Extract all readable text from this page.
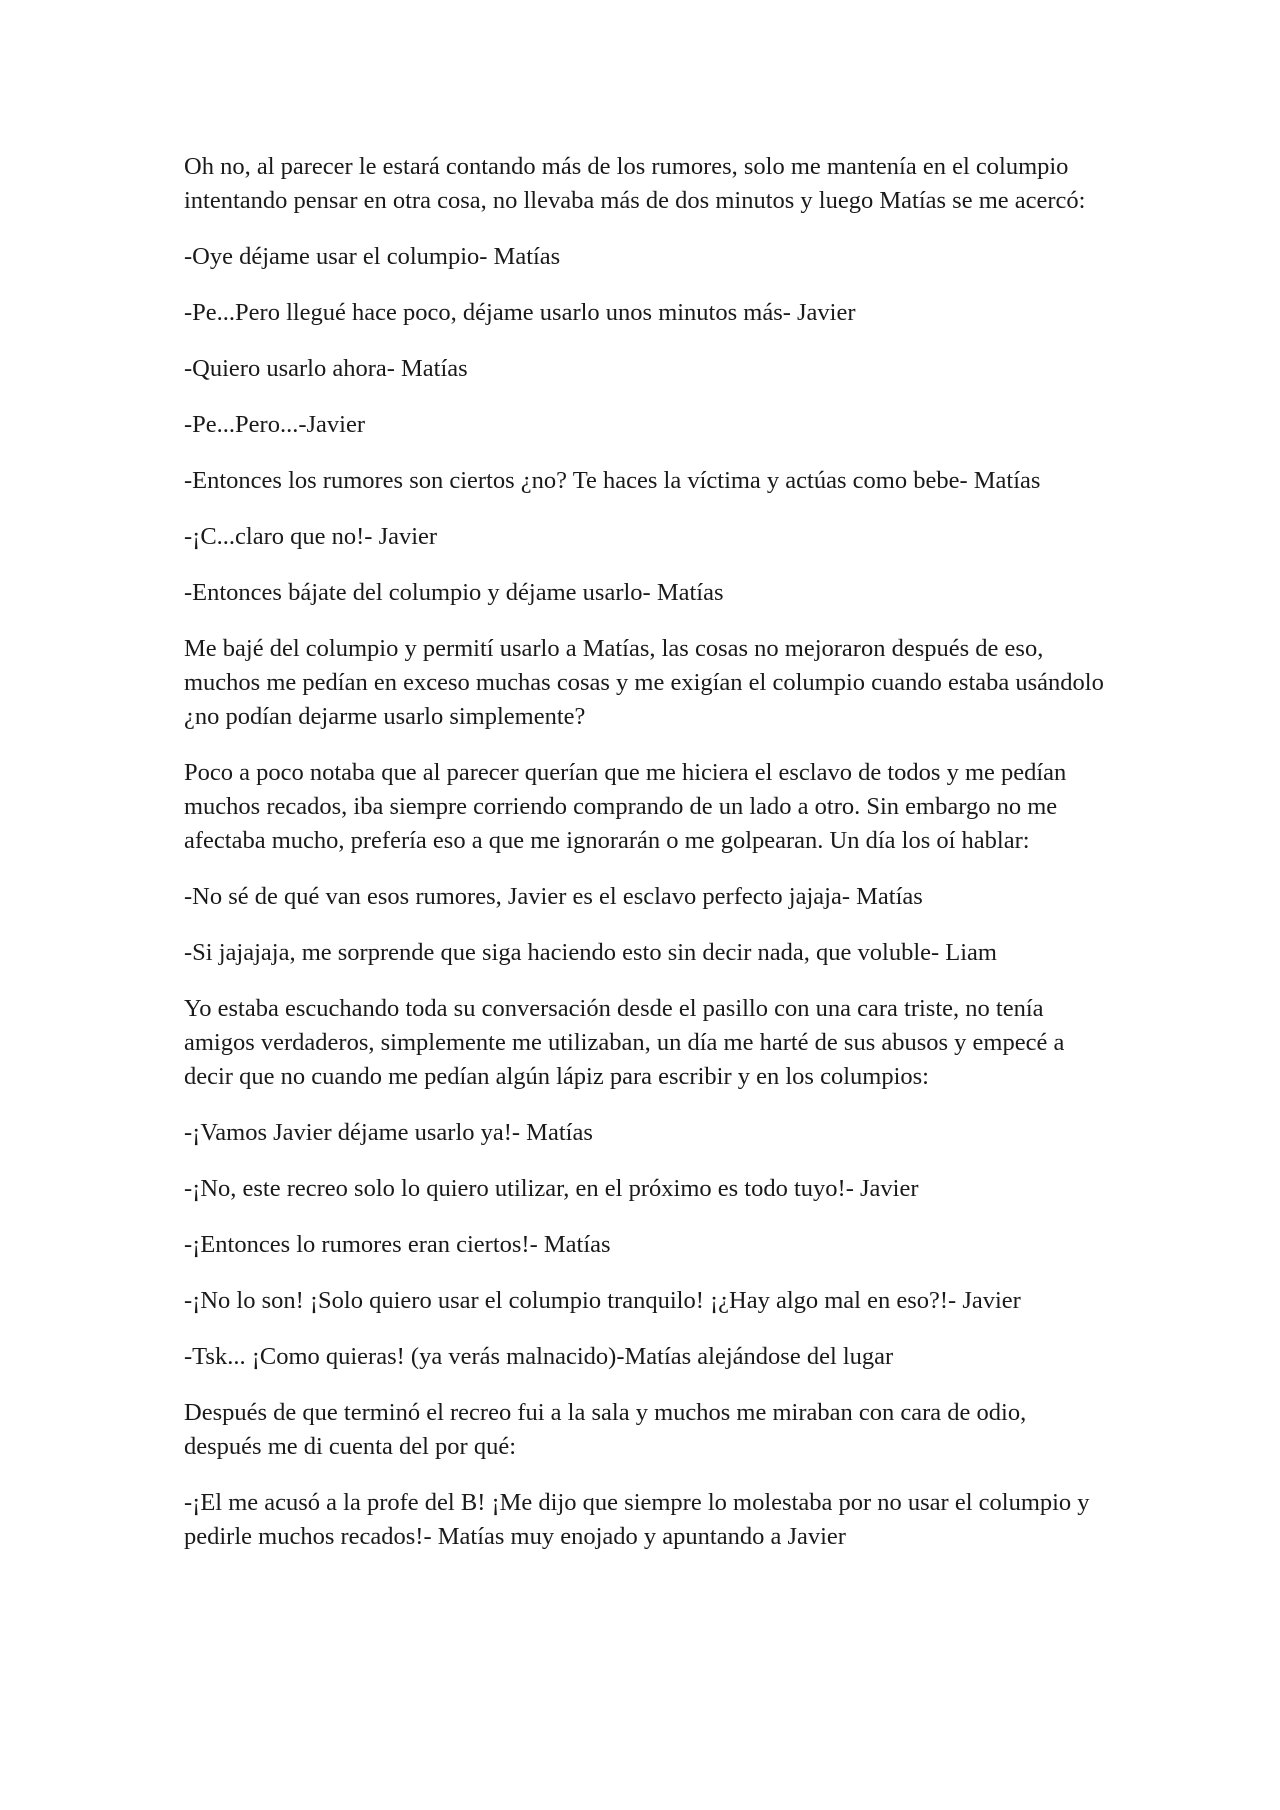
Oh no, al parecer le estará contando más de los rumores, solo me mantenía en el columpio intentando pensar en otra cosa, no llevaba más de dos minutos y luego Matías se me acercó:

-Oye déjame usar el columpio- Matías

-Pe...Pero llegué hace poco, déjame usarlo unos minutos más- Javier

-Quiero usarlo ahora- Matías

-Pe...Pero...-Javier

-Entonces los rumores son ciertos ¿no? Te haces la víctima y actúas como bebe- Matías

-¡C...claro que no!- Javier

-Entonces bájate del columpio y déjame usarlo- Matías

Me bajé del columpio y permití usarlo a Matías, las cosas no mejoraron después de eso, muchos me pedían en exceso muchas cosas y me exigían el columpio cuando estaba usándolo ¿no podían dejarme usarlo simplemente?

Poco a poco notaba que al parecer querían que me hiciera el esclavo de todos y me pedían muchos recados, iba siempre corriendo comprando de un lado a otro. Sin embargo no me afectaba mucho, prefería eso a que me ignorarán o me golpearan. Un día los oí hablar:

-No sé de qué van esos rumores, Javier es el esclavo perfecto jajaja- Matías

-Si jajajaja, me sorprende que siga haciendo esto sin decir nada, que voluble- Liam

Yo estaba escuchando toda su conversación desde el pasillo con una cara triste, no tenía amigos verdaderos, simplemente me utilizaban, un día me harté de sus abusos y empecé a decir que no cuando me pedían algún lápiz para escribir y en los columpios:

-¡Vamos Javier déjame usarlo ya!- Matías

-¡No, este recreo solo lo quiero utilizar, en el próximo es todo tuyo!- Javier

-¡Entonces lo rumores eran ciertos!- Matías

-¡No lo son! ¡Solo quiero usar el columpio tranquilo! ¡¿Hay algo mal en eso?!- Javier

-Tsk... ¡Como quieras! (ya verás malnacido)-Matías alejándose del lugar

Después de que terminó el recreo fui a la sala y muchos me miraban con cara de odio, después me di cuenta del por qué:

-¡El me acusó a la profe del B! ¡Me dijo que siempre lo molestaba por no usar el columpio y pedirle muchos recados!- Matías muy enojado y apuntando a Javier
